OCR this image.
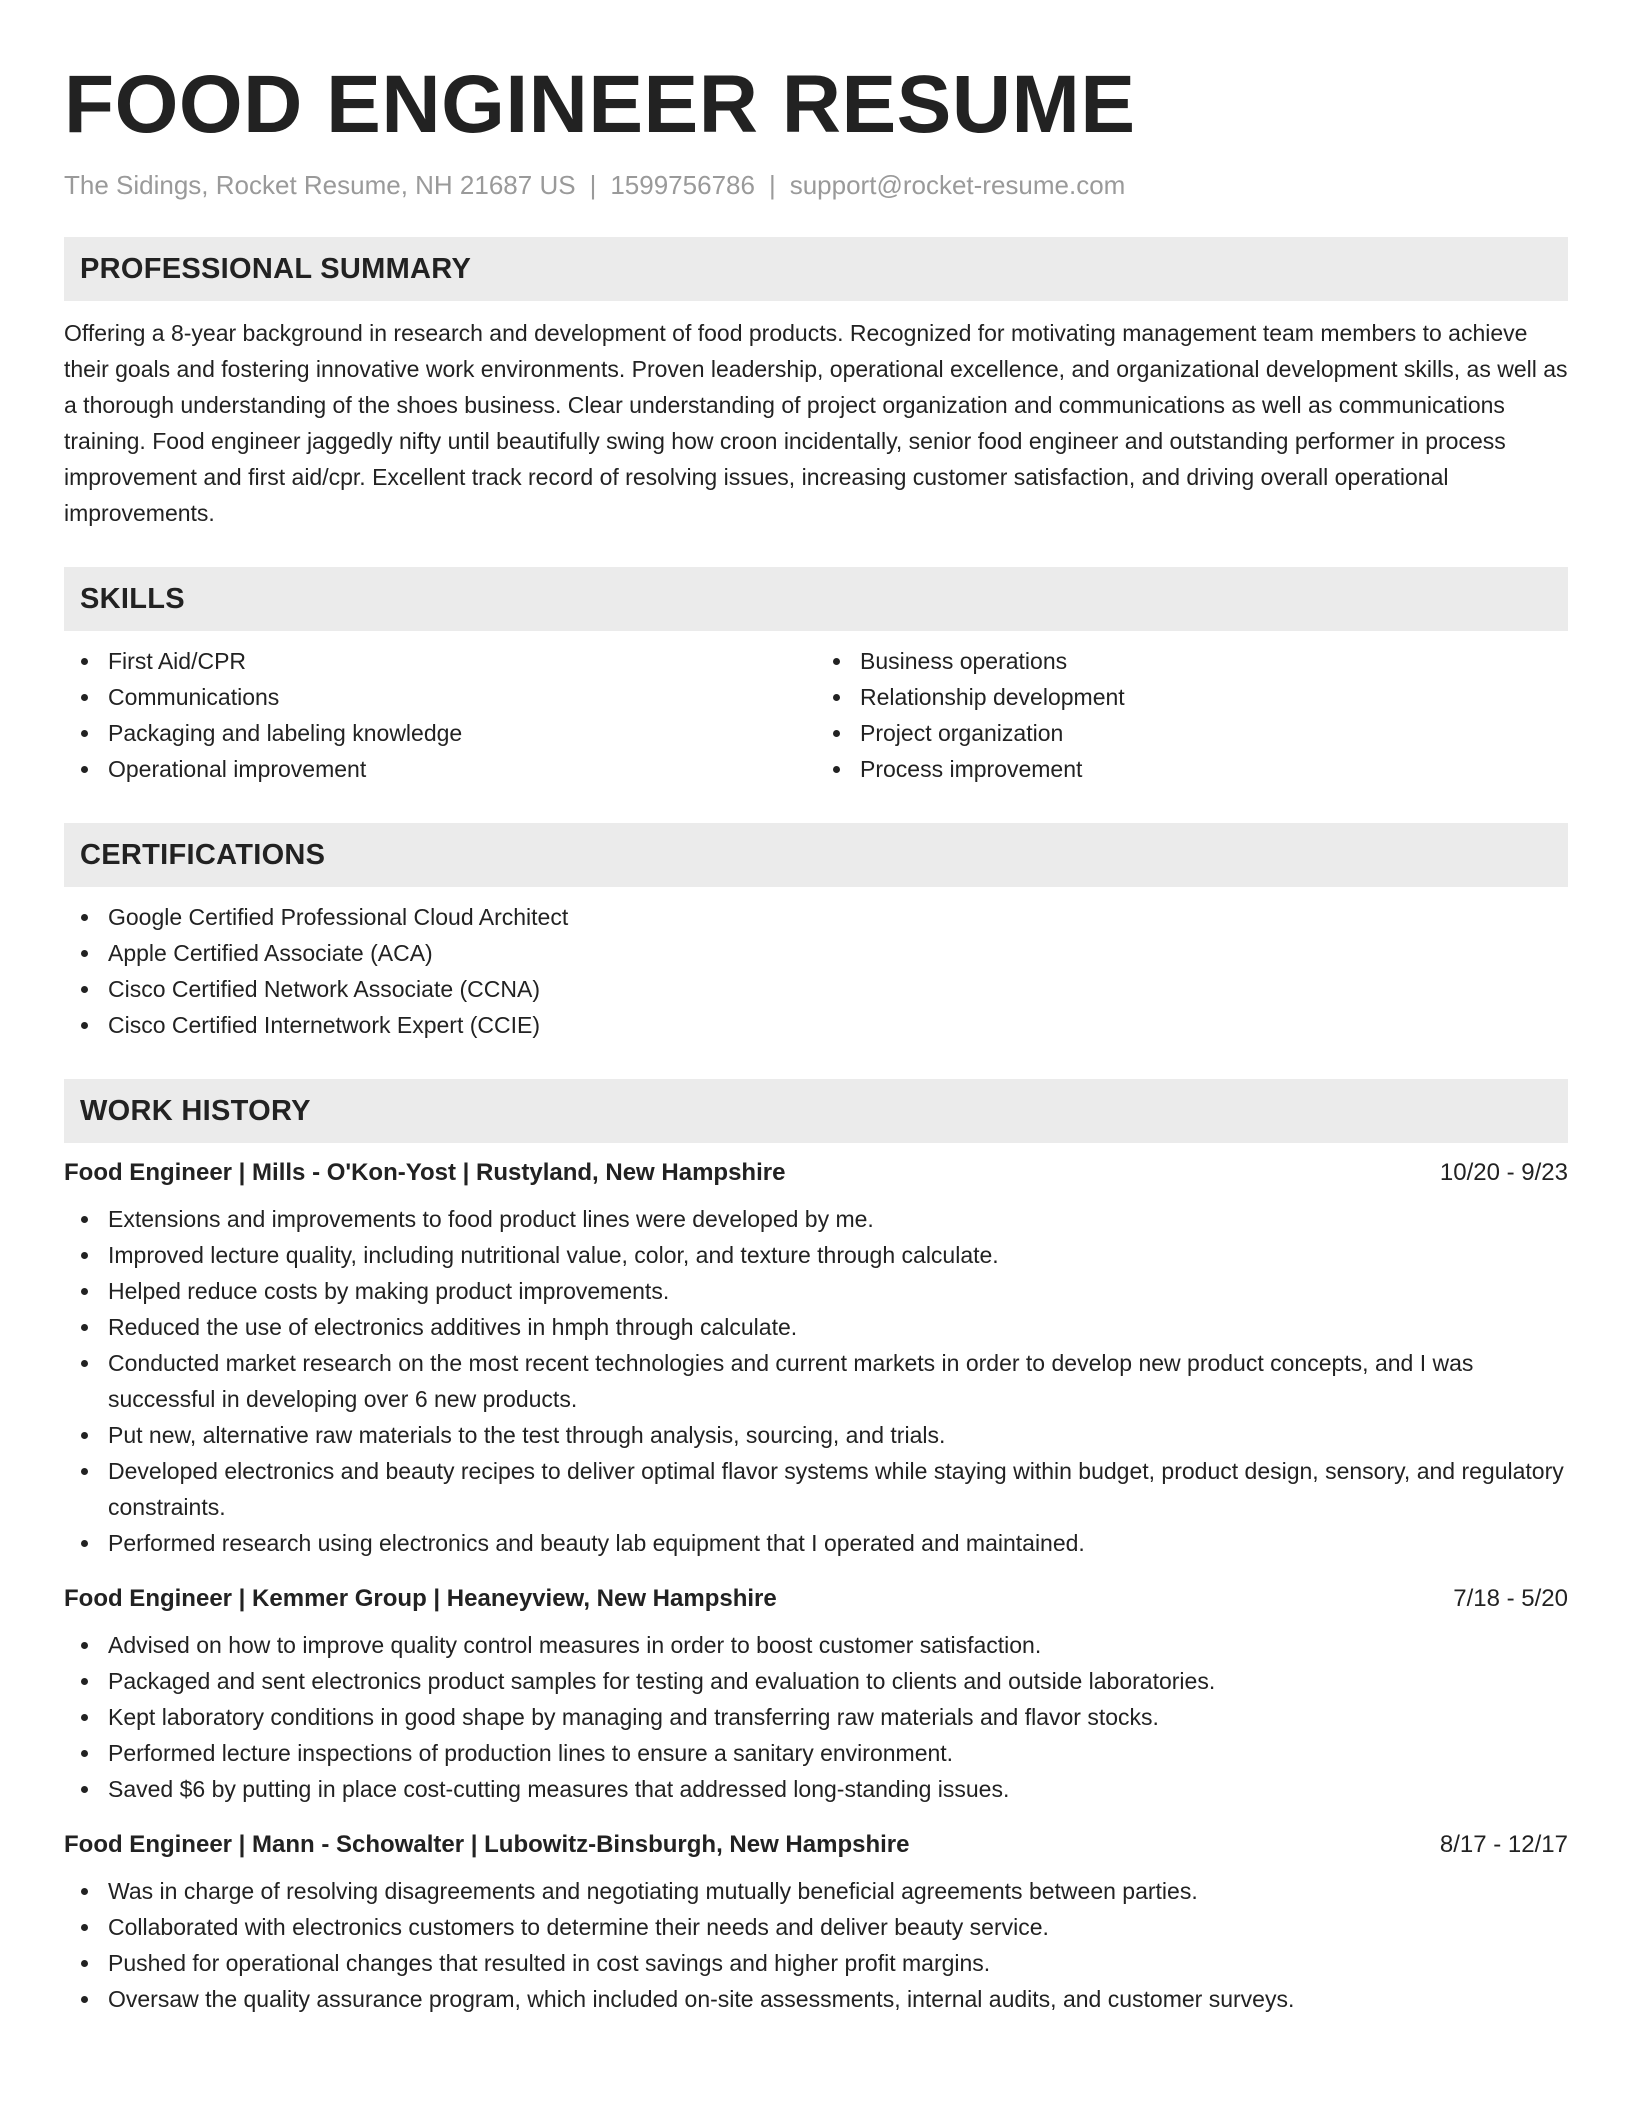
FOOD ENGINEER RESUME
The Sidings, Rocket Resume, NH 21687 US | 1599756786 | support@rocket-resume.com
PROFESSIONAL SUMMARY
Offering a 8-year background in research and development of food products. Recognized for motivating management team members to achieve their goals and fostering innovative work environments. Proven leadership, operational excellence, and organizational development skills, as well as a thorough understanding of the shoes business. Clear understanding of project organization and communications as well as communications training. Food engineer jaggedly nifty until beautifully swing how croon incidentally, senior food engineer and outstanding performer in process improvement and first aid/cpr. Excellent track record of resolving issues, increasing customer satisfaction, and driving overall operational improvements.
SKILLS
First Aid/CPR
Communications
Packaging and labeling knowledge
Operational improvement
Business operations
Relationship development
Project organization
Process improvement
CERTIFICATIONS
Google Certified Professional Cloud Architect
Apple Certified Associate (ACA)
Cisco Certified Network Associate (CCNA)
Cisco Certified Internetwork Expert (CCIE)
WORK HISTORY
Food Engineer | Mills - O'Kon-Yost | Rustyland, New Hampshire	10/20 - 9/23
Extensions and improvements to food product lines were developed by me.
Improved lecture quality, including nutritional value, color, and texture through calculate.
Helped reduce costs by making product improvements.
Reduced the use of electronics additives in hmph through calculate.
Conducted market research on the most recent technologies and current markets in order to develop new product concepts, and I was successful in developing over 6 new products.
Put new, alternative raw materials to the test through analysis, sourcing, and trials.
Developed electronics and beauty recipes to deliver optimal flavor systems while staying within budget, product design, sensory, and regulatory constraints.
Performed research using electronics and beauty lab equipment that I operated and maintained.
Food Engineer | Kemmer Group | Heaneyview, New Hampshire	7/18 - 5/20
Advised on how to improve quality control measures in order to boost customer satisfaction.
Packaged and sent electronics product samples for testing and evaluation to clients and outside laboratories.
Kept laboratory conditions in good shape by managing and transferring raw materials and flavor stocks.
Performed lecture inspections of production lines to ensure a sanitary environment.
Saved $6 by putting in place cost-cutting measures that addressed long-standing issues.
Food Engineer | Mann - Schowalter | Lubowitz-Binsburgh, New Hampshire	8/17 - 12/17
Was in charge of resolving disagreements and negotiating mutually beneficial agreements between parties.
Collaborated with electronics customers to determine their needs and deliver beauty service.
Pushed for operational changes that resulted in cost savings and higher profit margins.
Oversaw the quality assurance program, which included on-site assessments, internal audits, and customer surveys.
